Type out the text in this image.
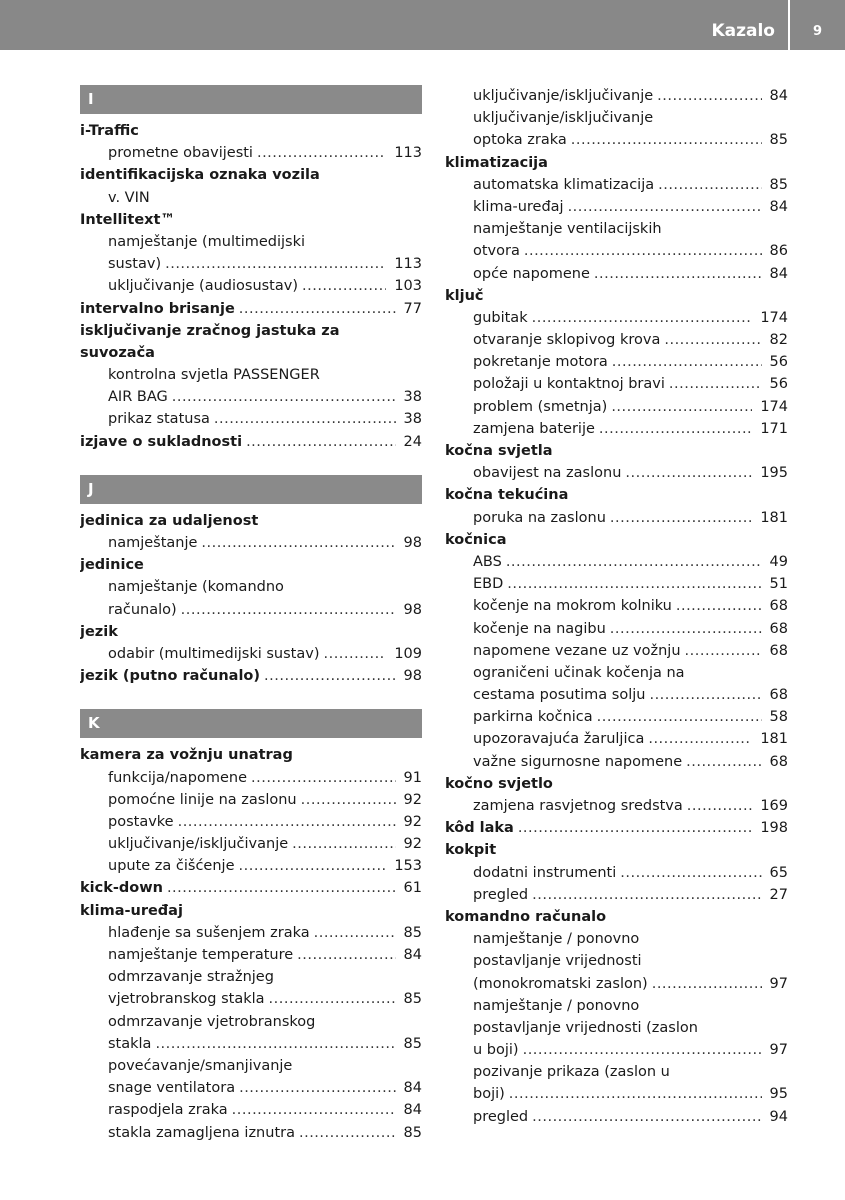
Kazalo	9
I
i-Traffic
prometne obavijesti .....	113
identifikacijska oznaka vozila
v. VIN
Intellitext™
namještanje (multimedijski
sustav) .....	113
uključivanje (audiosustav) .....	103
intervalno brisanje .....	77
isključivanje zračnog jastuka za
suvozača
kontrolna svjetla PASSENGER
AIR BAG .....	38
prikaz statusa .....	38
izjave o sukladnosti .....	24
J
jedinica za udaljenost
namještanje .....	98
jedinice
namještanje (komandno
računalo) .....	98
jezik
odabir (multimedijski sustav) .....	109
jezik (putno računalo) .....	98
K
kamera za vožnju unatrag
funkcija/napomene .....	91
pomoćne linije na zaslonu .....	92
postavke .....	92
uključivanje/isključivanje .....	92
upute za čišćenje .....	153
kick-down .....	61
klima-uređaj
hlađenje sa sušenjem zraka .....	85
namještanje temperature .....	84
odmrzavanje stražnjeg
vjetrobranskog stakla .....	85
odmrzavanje vjetrobranskog
stakla .....	85
povećavanje/smanjivanje
snage ventilatora .....	84
raspodjela zraka .....	84
stakla zamagljena iznutra .....	85
uključivanje/isključivanje .....	84
uključivanje/isključivanje
optoka zraka .....	85
klimatizacija
automatska klimatizacija .....	85
klima-uređaj .....	84
namještanje ventilacijskih
otvora .....	86
opće napomene .....	84
ključ
gubitak .....	174
otvaranje sklopivog krova .....	82
pokretanje motora .....	56
položaji u kontaktnoj bravi .....	56
problem (smetnja) .....	174
zamjena baterije .....	171
kočna svjetla
obavijest na zaslonu .....	195
kočna tekućina
poruka na zaslonu .....	181
kočnica
ABS .....	49
EBD .....	51
kočenje na mokrom kolniku .....	68
kočenje na nagibu .....	68
napomene vezane uz vožnju .....	68
ograničeni učinak kočenja na
cestama posutima solju .....	68
parkirna kočnica .....	58
upozoravajuća žaruljica .....	181
važne sigurnosne napomene .....	68
kočno svjetlo
zamjena rasvjetnog sredstva .....	169
kôd laka .....	198
kokpit
dodatni instrumenti .....	65
pregled .....	27
komandno računalo
namještanje / ponovno
postavljanje vrijednosti
(monokromatski zaslon) .....	97
namještanje / ponovno
postavljanje vrijednosti (zaslon
u boji) .....	97
pozivanje prikaza (zaslon u
boji) .....	95
pregled .....	94
